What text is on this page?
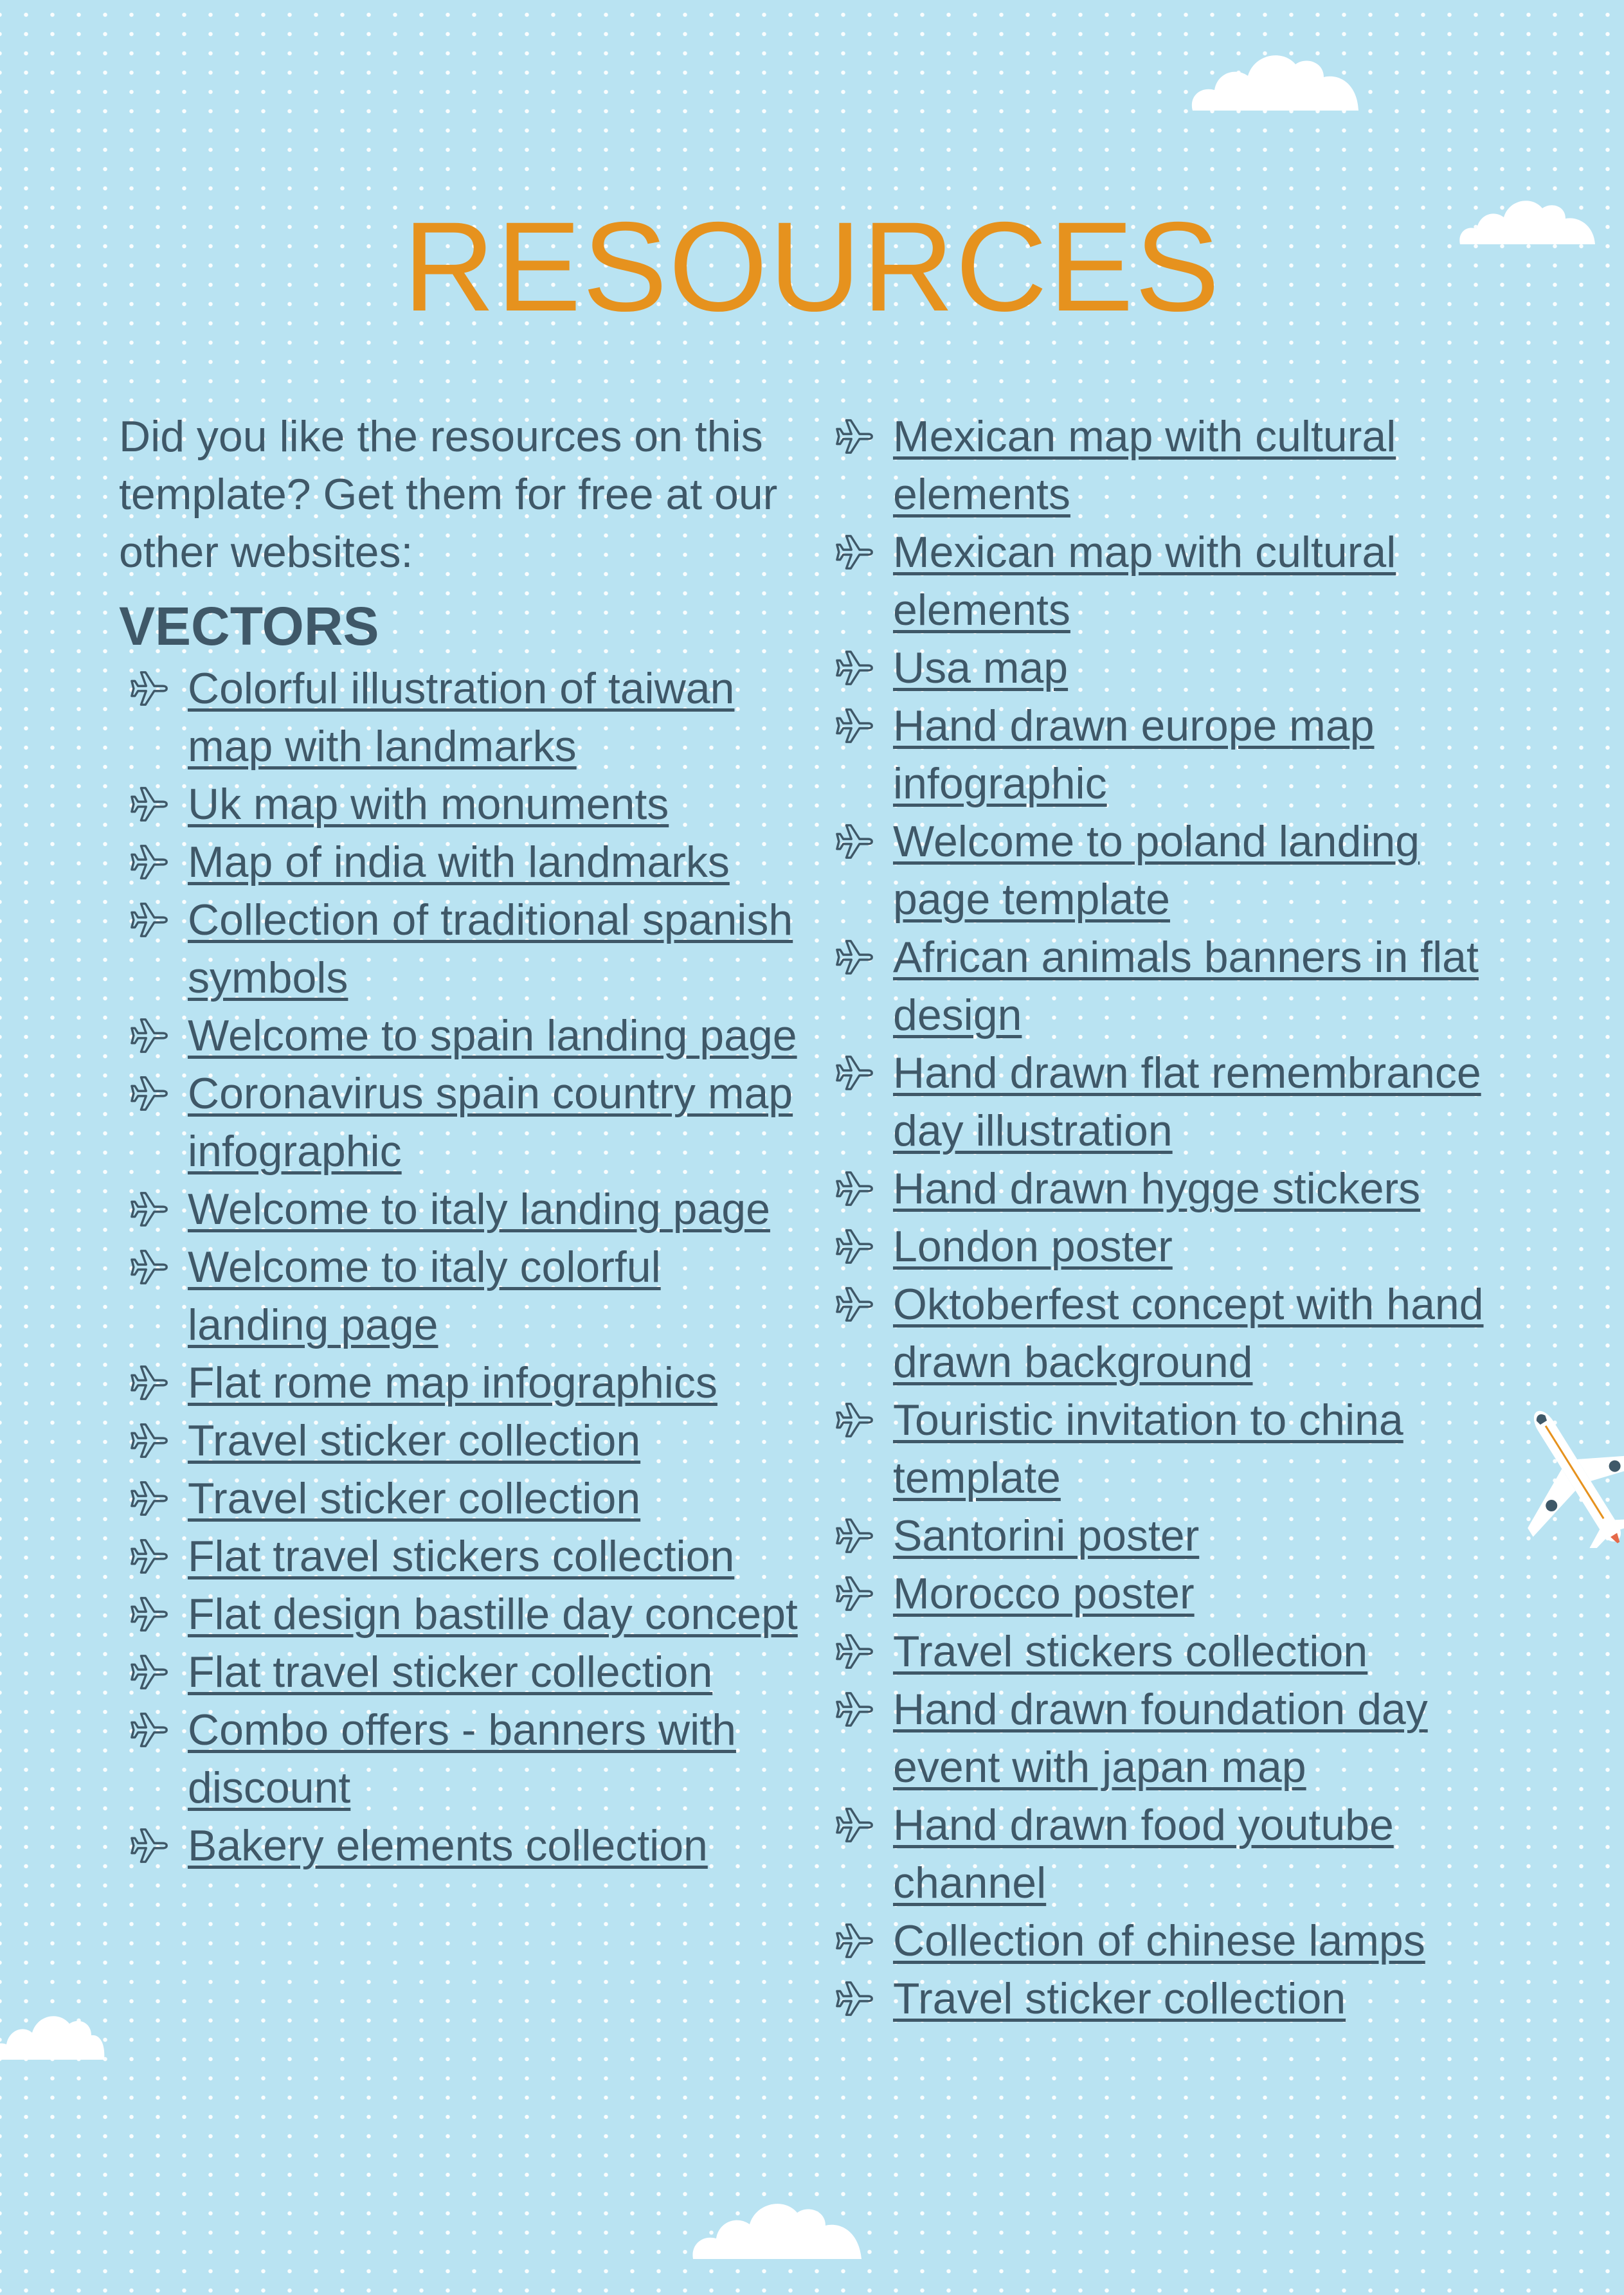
RESOURCES

Did you like the resources on this template? Get them for free at our other websites:

VECTORS
Colorful illustration of taiwan map with landmarks
Uk map with monuments
Map of india with landmarks
Collection of traditional spanish symbols
Welcome to spain landing page
Coronavirus spain country map infographic
Welcome to italy landing page
Welcome to italy colorful landing page
Flat rome map infographics
Travel sticker collection
Travel sticker collection
Flat travel stickers collection
Flat design bastille day concept
Flat travel sticker collection
Combo offers - banners with discount
Bakery elements collection
Mexican map with cultural elements
Mexican map with cultural elements
Usa map
Hand drawn europe map infographic
Welcome to poland landing page template
African animals banners in flat design
Hand drawn flat remembrance day illustration
Hand drawn hygge stickers
London poster
Oktoberfest concept with hand drawn background
Touristic invitation to china template
Santorini poster
Morocco poster
Travel stickers collection
Hand drawn foundation day event with japan map
Hand drawn food youtube channel
Collection of chinese lamps
Travel sticker collection
